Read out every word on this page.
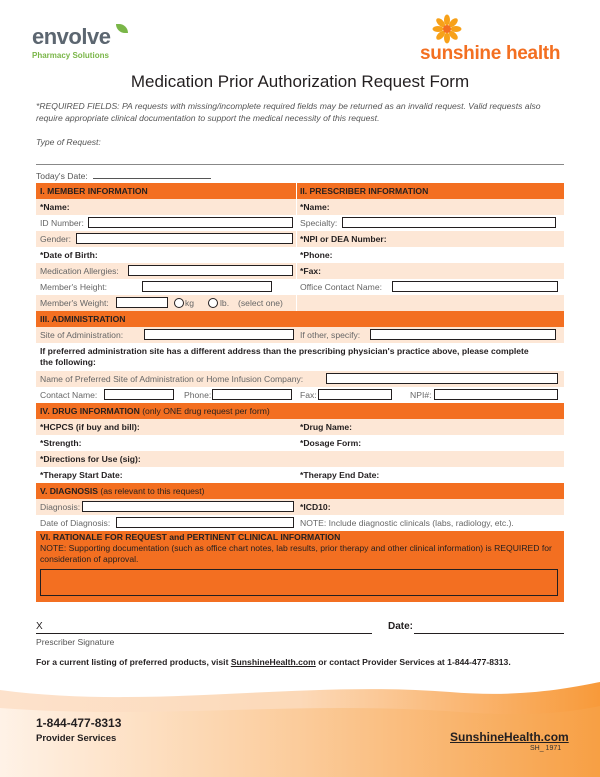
envolve
Pharmacy Solutions	sunshine health
Medication Prior Authorization Request Form
*REQUIRED FIELDS: PA requests with missing/incomplete required fields may be returned as an invalid request. Valid requests also require appropriate clinical documentation to support the medical necessity of this request.
Type of Request:
Today's Date:
I. MEMBER INFORMATION	II. PRESCRIBER INFORMATION
*Name:	*Name:
ID Number:	Specialty:
Gender:	*NPI or DEA Number:
*Date of Birth:	*Phone:
Medication Allergies:	*Fax:
Member's Height:	Office Contact Name:
Member's Weight:	kg	lb. (select one)
III. ADMINISTRATION
Site of Administration:	If other, specify:
If preferred administration site has a different address than the prescribing physician's practice above, please complete the following:
Name of Preferred Site of Administration or Home Infusion Company:
Contact Name:	Phone:	Fax:	NPI#:
IV. DRUG INFORMATION (only ONE drug request per form)
*HCPCS (if buy and bill):	*Drug Name:
*Strength:	*Dosage Form:
*Directions for Use (sig):
*Therapy Start Date:	*Therapy End Date:
V. DIAGNOSIS (as relevant to this request)
Diagnosis:	*ICD10:
Date of Diagnosis:	NOTE: Include diagnostic clinicals (labs, radiology, etc.).
VI. RATIONALE FOR REQUEST and PERTINENT CLINICAL INFORMATION
NOTE: Supporting documentation (such as office chart notes, lab results, prior therapy and other clinical information) is REQUIRED for consideration of approval.
X
Prescriber Signature
Date:
For a current listing of preferred products, visit SunshineHealth.com or contact Provider Services at 1-844-477-8313.
1-844-477-8313
Provider Services	SunshineHealth.com
SH_ 1971
